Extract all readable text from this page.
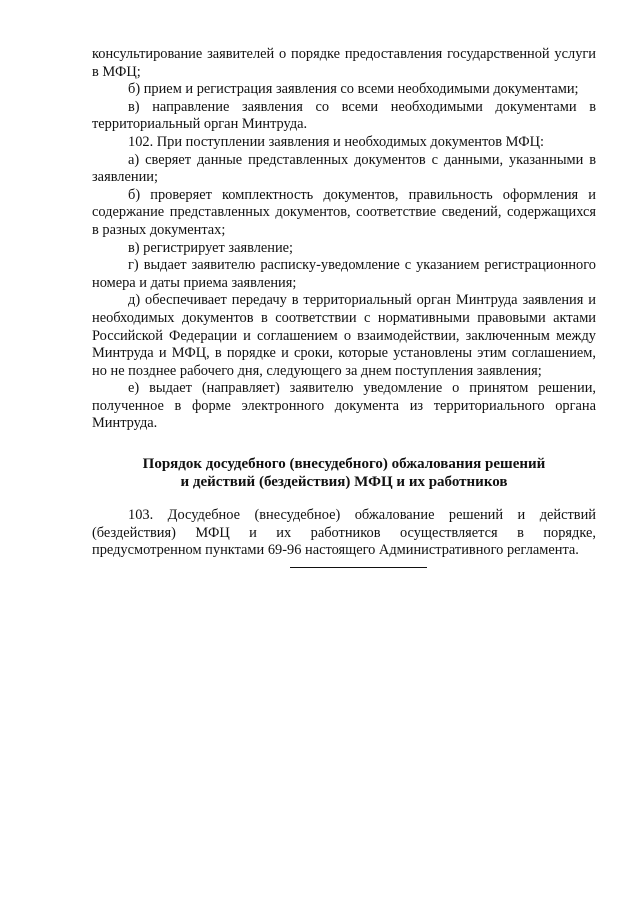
консультирование заявителей о порядке предоставления государственной услуги в МФЦ;

б) прием и регистрация заявления со всеми необходимыми документами;

в) направление заявления со всеми необходимыми документами в территориальный орган Минтруда.

102. При поступлении заявления и необходимых документов МФЦ:

а) сверяет данные представленных документов с данными, указанными в заявлении;

б) проверяет комплектность документов, правильность оформления и содержание представленных документов, соответствие сведений, содержащихся в разных документах;

в) регистрирует заявление;

г) выдает заявителю расписку-уведомление с указанием регистрационного номера и даты приема заявления;

д) обеспечивает передачу в территориальный орган Минтруда заявления и необходимых документов в соответствии с нормативными правовыми актами Российской Федерации и соглашением о взаимодействии, заключенным между Минтруда и МФЦ, в порядке и сроки, которые установлены этим соглашением, но не позднее рабочего дня, следующего за днем поступления заявления;

е) выдает (направляет) заявителю уведомление о принятом решении, полученное в форме электронного документа из территориального органа Минтруда.

Порядок досудебного (внесудебного) обжалования решений
и действий (бездействия) МФЦ и их работников

103. Досудебное (внесудебное) обжалование решений и действий (бездействия) МФЦ и их работников осуществляется в порядке, предусмотренном пунктами 69-96 настоящего Административного регламента.
